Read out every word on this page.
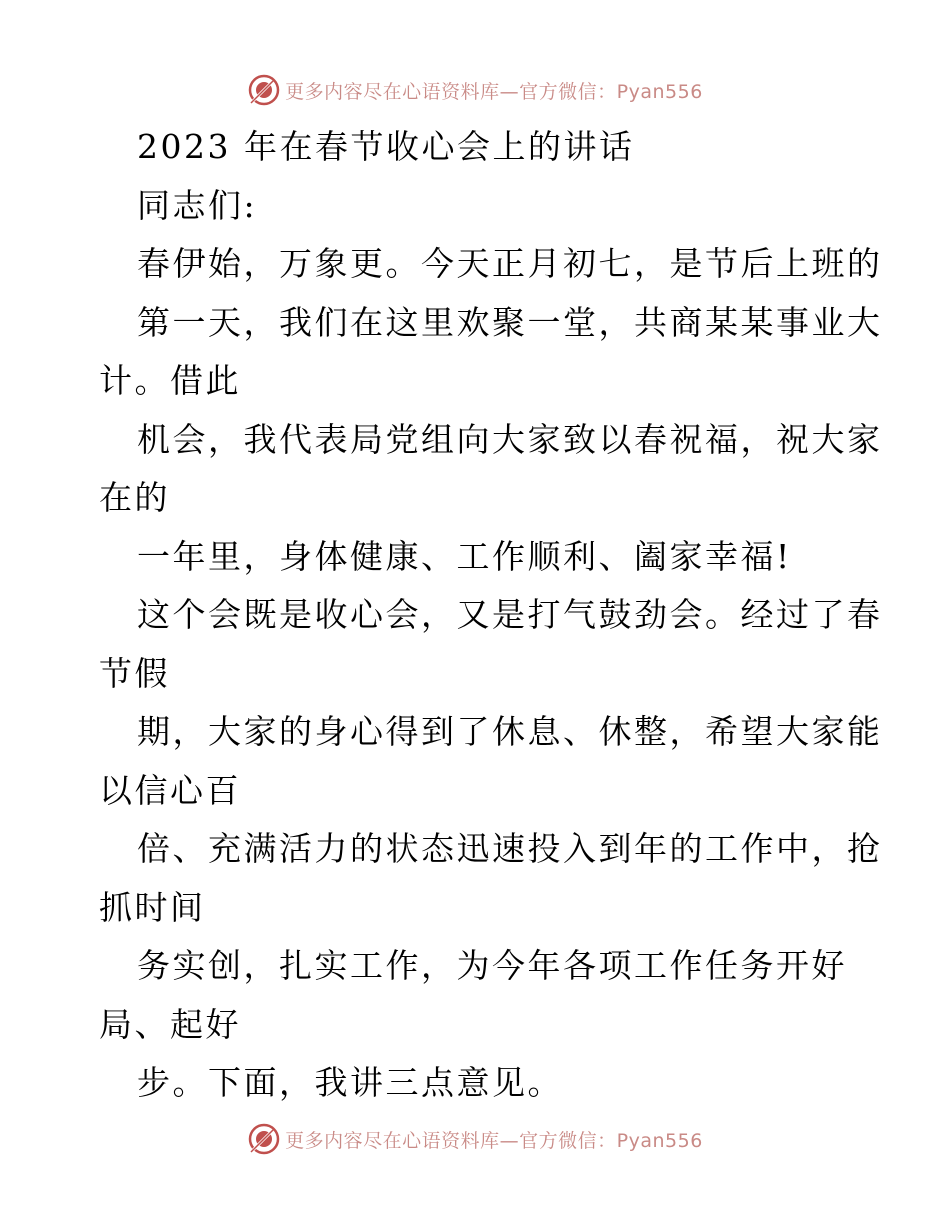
更多内容尽在心语资料库—官方微信：Pyan556
2023 年在春节收心会上的讲话
同志们:
春伊始，万象更。今天正月初七，是节后上班的
第一天，我们在这里欢聚一堂，共商某某事业大
计。借此
机会，我代表局党组向大家致以春祝福，祝大家
在的
一年里，身体健康、工作顺利、阖家幸福!
这个会既是收心会，又是打气鼓劲会。经过了春
节假
期，大家的身心得到了休息、休整，希望大家能
以信心百
倍、充满活力的状态迅速投入到年的工作中，抢
抓时间
务实创，扎实工作，为今年各项工作任务开好
局、起好
步。下面，我讲三点意见。
更多内容尽在心语资料库—官方微信：Pyan556
